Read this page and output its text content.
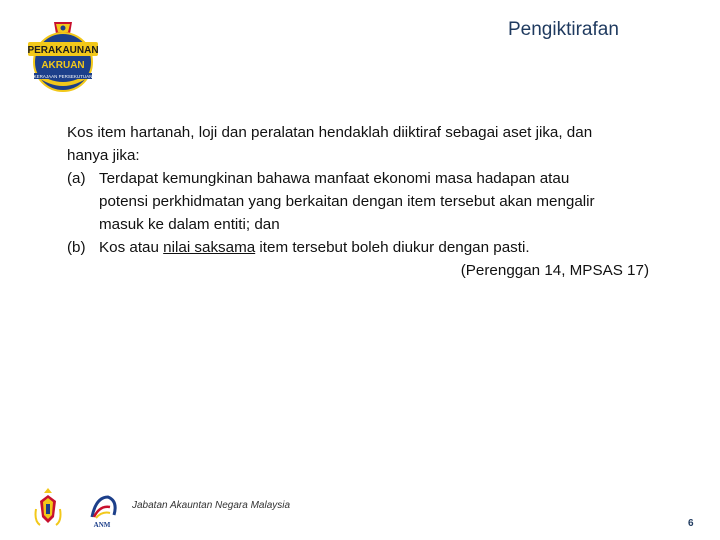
Pengiktirafan
PERAKAUNAN
AKRUAN
KERAJAAN PERSEKUTUAN
Kos item hartanah, loji dan peralatan hendaklah diiktiraf sebagai aset jika, dan
hanya jika:
(a) Terdapat kemungkinan bahawa manfaat ekonomi masa hadapan atau
potensi perkhidmatan yang berkaitan dengan item tersebut akan mengalir
masuk ke dalam entiti; dan
(b) Kos atau nilai saksama item tersebut boleh diukur dengan pasti.
(Perenggan 14, MPSAS 17)
ANM
Jabatan Akauntan Negara Malaysia
6
